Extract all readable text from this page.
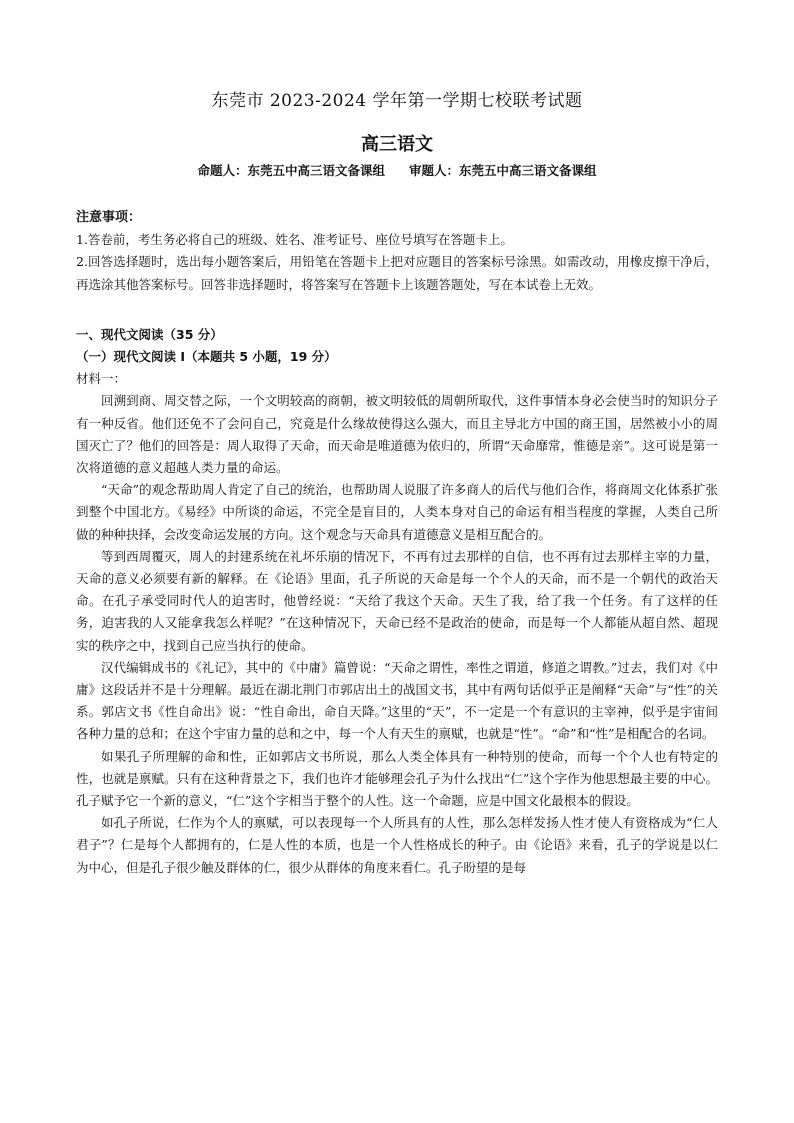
东莞市 2023-2024 学年第一学期七校联考试题
高三语文
命题人：东莞五中高三语文备课组 审题人：东莞五中高三语文备课组

注意事项：

1.答卷前，考生务必将自己的班级、姓名、准考证号、座位号填写在答题卡上。

2.回答选择题时，选出每小题答案后，用铅笔在答题卡上把对应题目的答案标号涂黑。如需改动，用橡皮擦干净后，再选涂其他答案标号。回答非选择题时，将答案写在答题卡上该题答题处，写在本试卷上无效。

一、现代文阅读（35 分）

（一）现代文阅读 I（本题共 5 小题，19 分）

材料一：

回溯到商、周交替之际，一个文明较高的商朝，被文明较低的周朝所取代，这件事情本身必会使当时的知识分子有一种反省。他们还免不了会问自己，究竟是什么缘故使得这么强大，而且主导北方中国的商王国，居然被小小的周国灭亡了？他们的回答是：周人取得了天命，而天命是唯道德为依归的，所谓“天命靡常，惟德是亲”。这可说是第一次将道德的意义超越人类力量的命运。

“天命”的观念帮助周人肯定了自己的统治，也帮助周人说服了许多商人的后代与他们合作，将商周文化体系扩张到整个中国北方。《易经》中所谈的命运，不完全是盲目的，人类本身对自己的命运有相当程度的掌握，人类自己所做的种种抉择，会改变命运发展的方向。这个观念与天命具有道德意义是相互配合的。

等到西周覆灭，周人的封建系统在礼坏乐崩的情况下，不再有过去那样的自信，也不再有过去那样主宰的力量，天命的意义必须要有新的解释。在《论语》里面，孔子所说的天命是每一个个人的天命，而不是一个朝代的政治天命。在孔子承受同时代人的迫害时，他曾经说：“天给了我这个天命。天生了我，给了我一个任务。有了这样的任务，迫害我的人又能拿我怎么样呢？”在这种情况下，天命已经不是政治的使命，而是每一个人都能从超自然、超现实的秩序之中，找到自己应当执行的使命。

汉代编辑成书的《礼记》，其中的《中庸》篇曾说：“天命之谓性，率性之谓道，修道之谓教。”过去，我们对《中庸》这段话并不是十分理解。最近在湖北荆门市郭店出土的战国文书，其中有两句话似乎正是阐释“天命”与“性”的关系。郭店文书《性自命出》说：“性自命出，命自天降。”这里的“天”，不一定是一个有意识的主宰神，似乎是宇宙间各种力量的总和；在这个宇宙力量的总和之中，每一个人有天生的禀赋，也就是“性”。“命”和“性”是相配合的名词。

如果孔子所理解的命和性，正如郭店文书所说，那么人类全体具有一种特别的使命，而每一个个人也有特定的性，也就是禀赋。只有在这种背景之下，我们也许才能够理会孔子为什么找出“仁”这个字作为他思想最主要的中心。孔子赋予它一个新的意义，“仁”这个字相当于整个的人性。这一个命题，应是中国文化最根本的假设。

如孔子所说，仁作为个人的禀赋，可以表现每一个人所具有的人性，那么怎样发扬人性才使人有资格成为“仁人君子”？仁是每个人都拥有的，仁是人性的本质，也是一个人性格成长的种子。由《论语》来看，孔子的学说是以仁为中心，但是孔子很少触及群体的仁，很少从群体的角度来看仁。孔子盼望的是每
